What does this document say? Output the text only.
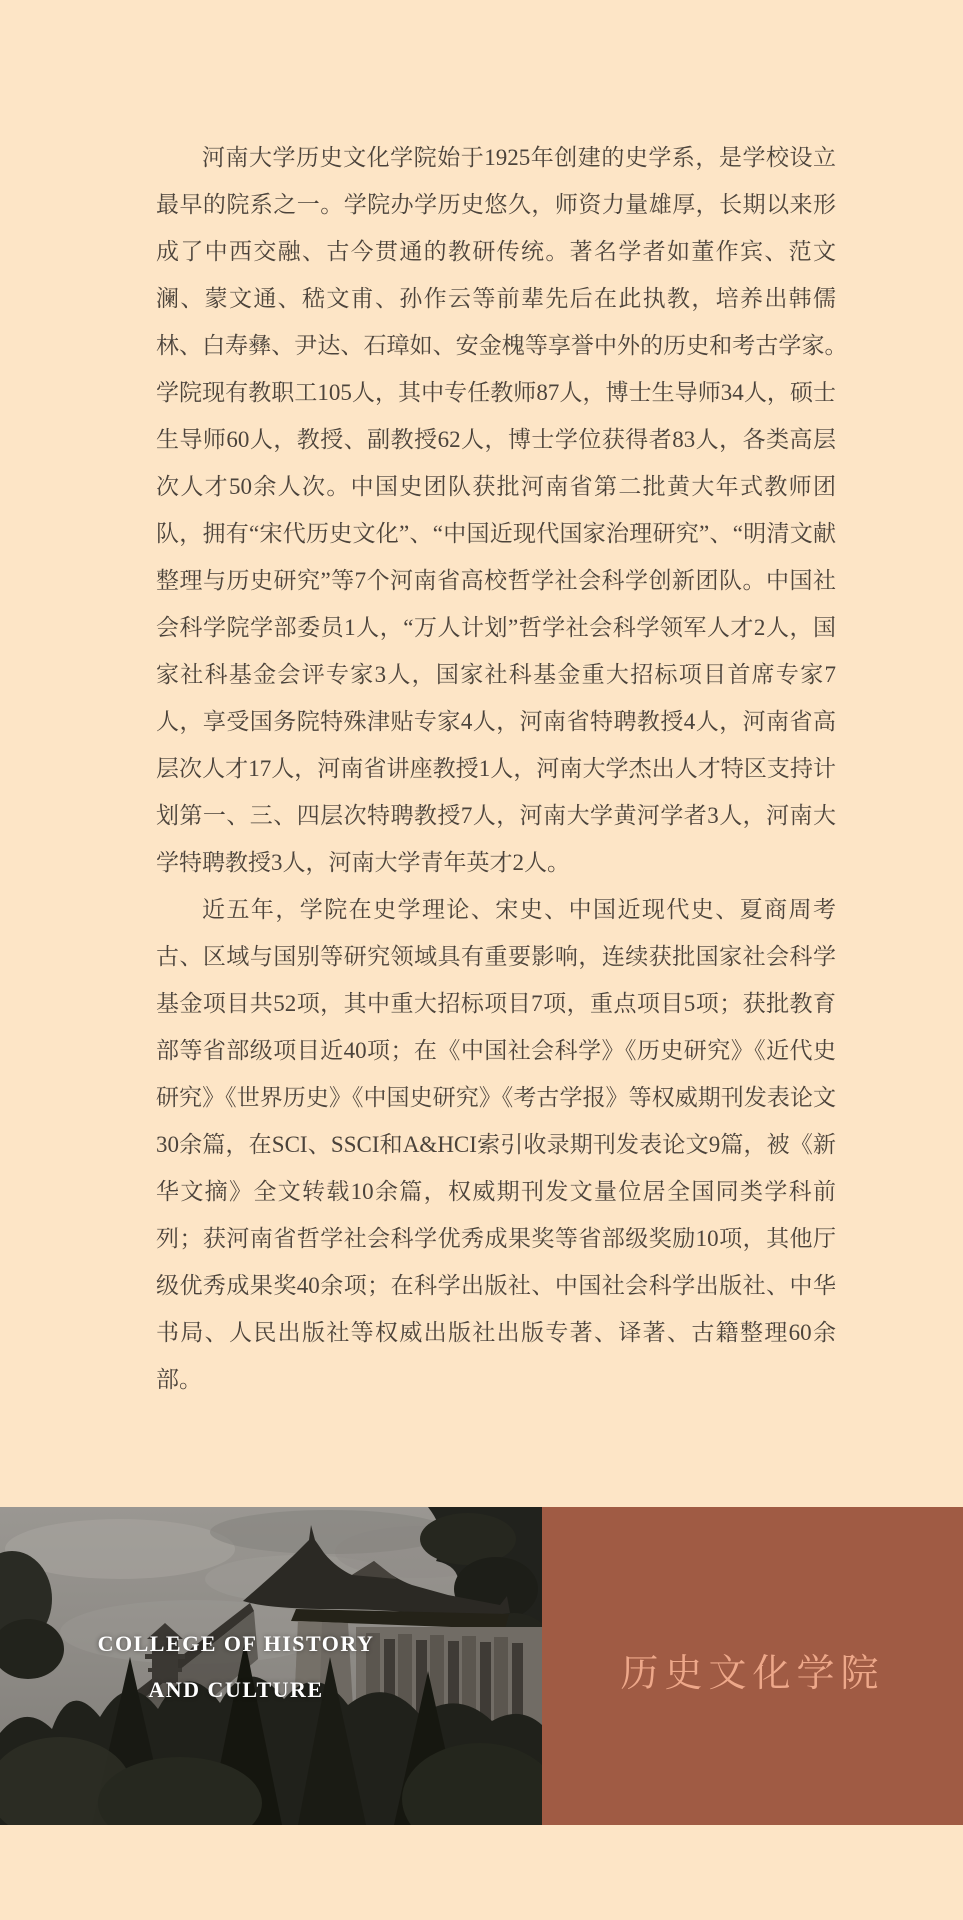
河南大学历史文化学院始于1925年创建的史学系，是学校设立最早的院系之一。学院办学历史悠久，师资力量雄厚，长期以来形成了中西交融、古今贯通的教研传统。著名学者如董作宾、范文澜、蒙文通、嵇文甫、孙作云等前辈先后在此执教，培养出韩儒林、白寿彝、尹达、石璋如、安金槐等享誉中外的历史和考古学家。　学院现有教职工105人，其中专任教师87人，博士生导师34人，硕士生导师60人，教授、副教授62人，博士学位获得者83人，各类高层次人才50余人次。中国史团队获批河南省第二批黄大年式教师团队，拥有“宋代历史文化”、“中国近现代国家治理研究”、“明清文献整理与历史研究”等7个河南省高校哲学社会科学创新团队。中国社会科学院学部委员1人，“万人计划”哲学社会科学领军人才2人，国家社科基金会评专家3人，国家社科基金重大招标项目首席专家7人，享受国务院特殊津贴专家4人，河南省特聘教授4人，河南省高层次人才17人，河南省讲座教授1人，河南大学杰出人才特区支持计划第一、三、四层次特聘教授7人，河南大学黄河学者3人，河南大学特聘教授3人，河南大学青年英才2人。

近五年，学院在史学理论、宋史、中国近现代史、夏商周考古、区域与国别等研究领域具有重要影响，连续获批国家社会科学基金项目共52项，其中重大招标项目7项，重点项目5项；获批教育部等省部级项目近40项；在《中国社会科学》《历史研究》《近代史研究》《世界历史》《中国史研究》《考古学报》等权威期刊发表论文30余篇，在SCI、SSCI和A&HCI索引收录期刊发表论文9篇，被《新华文摘》全文转载10余篇，权威期刊发文量位居全国同类学科前列；获河南省哲学社会科学优秀成果奖等省部级奖励10项，其他厅级优秀成果奖40余项；在科学出版社、中国社会科学出版社、中华书局、人民出版社等权威出版社出版专著、译著、古籍整理60余部。

COLLEGE OF HISTORY
AND CULTURE	历史文化学院
